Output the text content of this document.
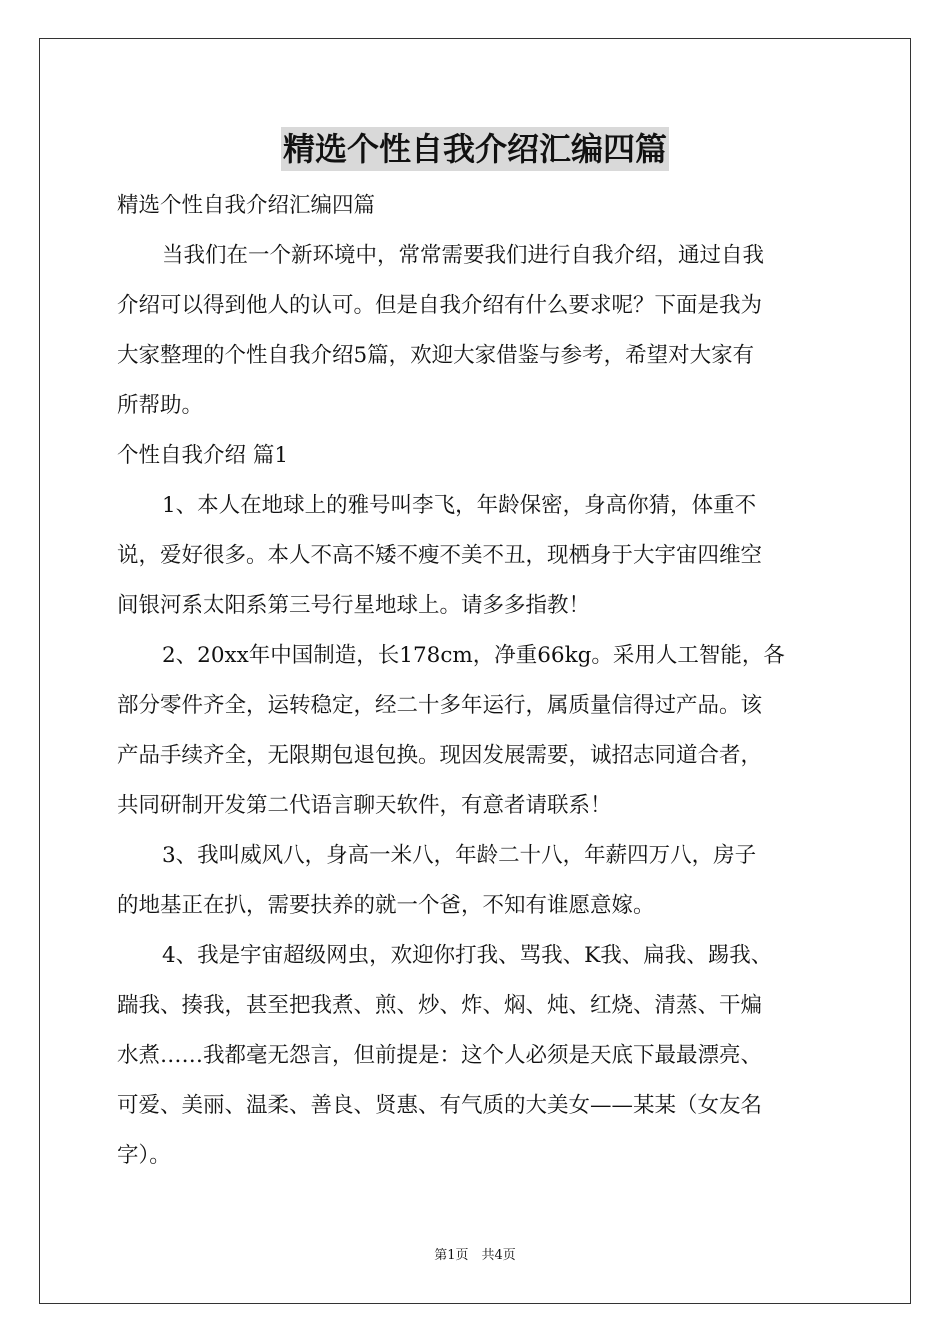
精选个性自我介绍汇编四篇
精选个性自我介绍汇编四篇
当我们在一个新环境中，常常需要我们进行自我介绍，通过自我
介绍可以得到他人的认可。但是自我介绍有什么要求呢？下面是我为
大家整理的个性自我介绍5篇，欢迎大家借鉴与参考，希望对大家有
所帮助。
个性自我介绍 篇1
1、本人在地球上的雅号叫李飞，年龄保密，身高你猜，体重不
说，爱好很多。本人不高不矮不瘦不美不丑，现栖身于大宇宙四维空
间银河系太阳系第三号行星地球上。请多多指教！
2、20xx年中国制造，长178cm，净重66kg。采用人工智能，各
部分零件齐全，运转稳定，经二十多年运行，属质量信得过产品。该
产品手续齐全，无限期包退包换。现因发展需要，诚招志同道合者，
共同研制开发第二代语言聊天软件，有意者请联系！
3、我叫威风八，身高一米八，年龄二十八，年薪四万八，房子
的地基正在扒，需要扶养的就一个爸，不知有谁愿意嫁。
4、我是宇宙超级网虫，欢迎你打我、骂我、K我、扁我、踢我、
踹我、揍我，甚至把我煮、煎、炒、炸、焖、炖、红烧、清蒸、干煸
水煮……我都毫无怨言，但前提是：这个人必须是天底下最最漂亮、
可爱、美丽、温柔、善良、贤惠、有气质的大美女——某某（女友名
字）。
第1页　共4页
